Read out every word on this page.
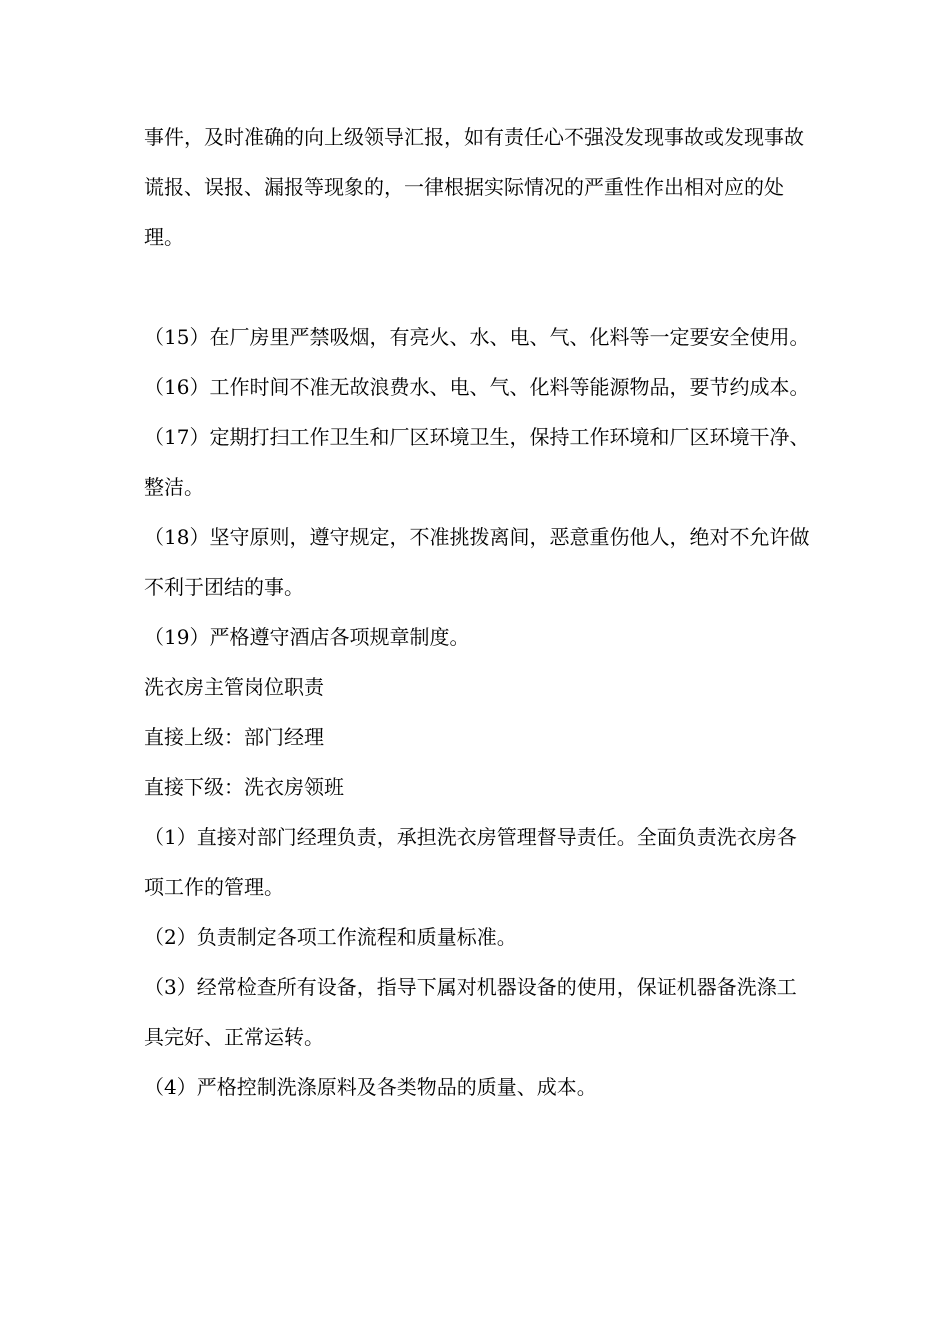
事件，及时准确的向上级领导汇报，如有责任心不强没发现事故或发现事故谎报、误报、漏报等现象的，一律根据实际情况的严重性作出相对应的处理。

（15）在厂房里严禁吸烟，有亮火、水、电、气、化料等一定要安全使用。

（16）工作时间不准无故浪费水、电、气、化料等能源物品，要节约成本。

（17）定期打扫工作卫生和厂区环境卫生，保持工作环境和厂区环境干净、整洁。

（18）坚守原则，遵守规定，不准挑拨离间，恶意重伤他人，绝对不允许做不利于团结的事。

（19）严格遵守酒店各项规章制度。

洗衣房主管岗位职责

直接上级：部门经理

直接下级：洗衣房领班

（1）直接对部门经理负责，承担洗衣房管理督导责任。全面负责洗衣房各项工作的管理。

（2）负责制定各项工作流程和质量标准。

（3）经常检查所有设备，指导下属对机器设备的使用，保证机器备洗涤工具完好、正常运转。

（4）严格控制洗涤原料及各类物品的质量、成本。
